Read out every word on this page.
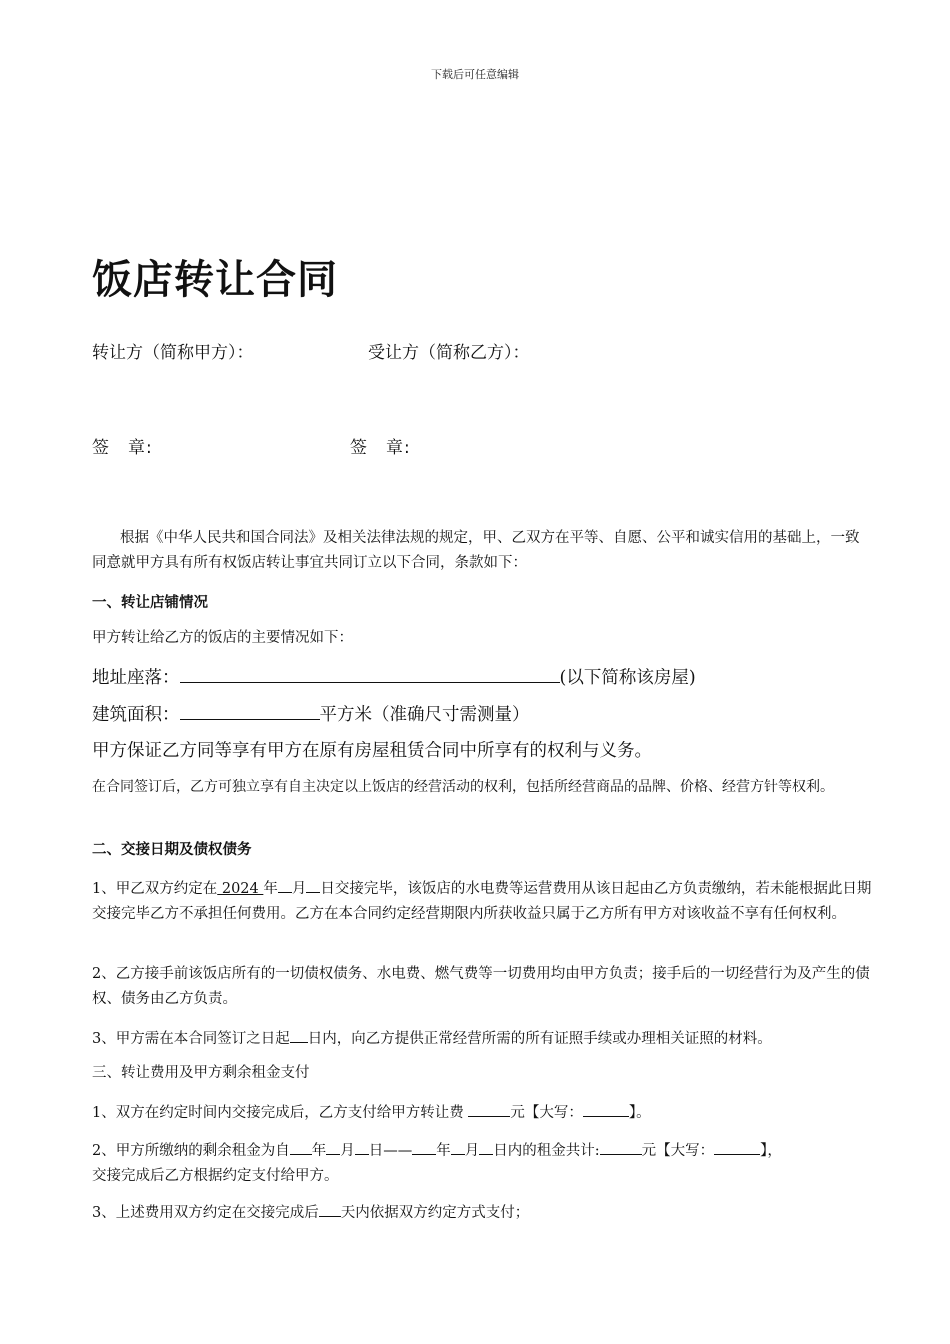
下载后可任意编辑
饭店转让合同
转让方（简称甲方）：	受让方（简称乙方）：
签　章:	签　章:
根据《中华人民共和国合同法》及相关法律法规的规定，甲、乙双方在平等、自愿、公平和诚实信用的基础上，一致同意就甲方具有所有权饭店转让事宜共同订立以下合同，条款如下：
一、转让店铺情况
甲方转让给乙方的饭店的主要情况如下：
地址座落：	(以下简称该房屋)
建筑面积：	平方米（准确尺寸需测量）
甲方保证乙方同等享有甲方在原有房屋租赁合同中所享有的权利与义务。
在合同签订后，乙方可独立享有自主决定以上饭店的经营活动的权利，包括所经营商品的品牌、价格、经营方针等权利。
二、交接日期及债权债务
1、甲乙双方约定在 2024 年 月 日交接完毕，该饭店的水电费等运营费用从该日起由乙方负责缴纳，若未能根据此日期交接完毕乙方不承担任何费用。乙方在本合同约定经营期限内所获收益只属于乙方所有甲方对该收益不享有任何权利。
2、乙方接手前该饭店所有的一切债权债务、水电费、燃气费等一切费用均由甲方负责；接手后的一切经营行为及产生的债权、债务由乙方负责。
3、甲方需在本合同签订之日起 日内，向乙方提供正常经营所需的所有证照手续或办理相关证照的材料。
三、转让费用及甲方剩余租金支付
1、双方在约定时间内交接完成后，乙方支付给甲方转让费	元【大写：	】。
2、甲方所缴纳的剩余租金为自 年 月 日—— 年 月 日内的租金共计:	元【大写：	】，
交接完成后乙方根据约定支付给甲方。
3、上述费用双方约定在交接完成后 天内依据双方约定方式支付；
